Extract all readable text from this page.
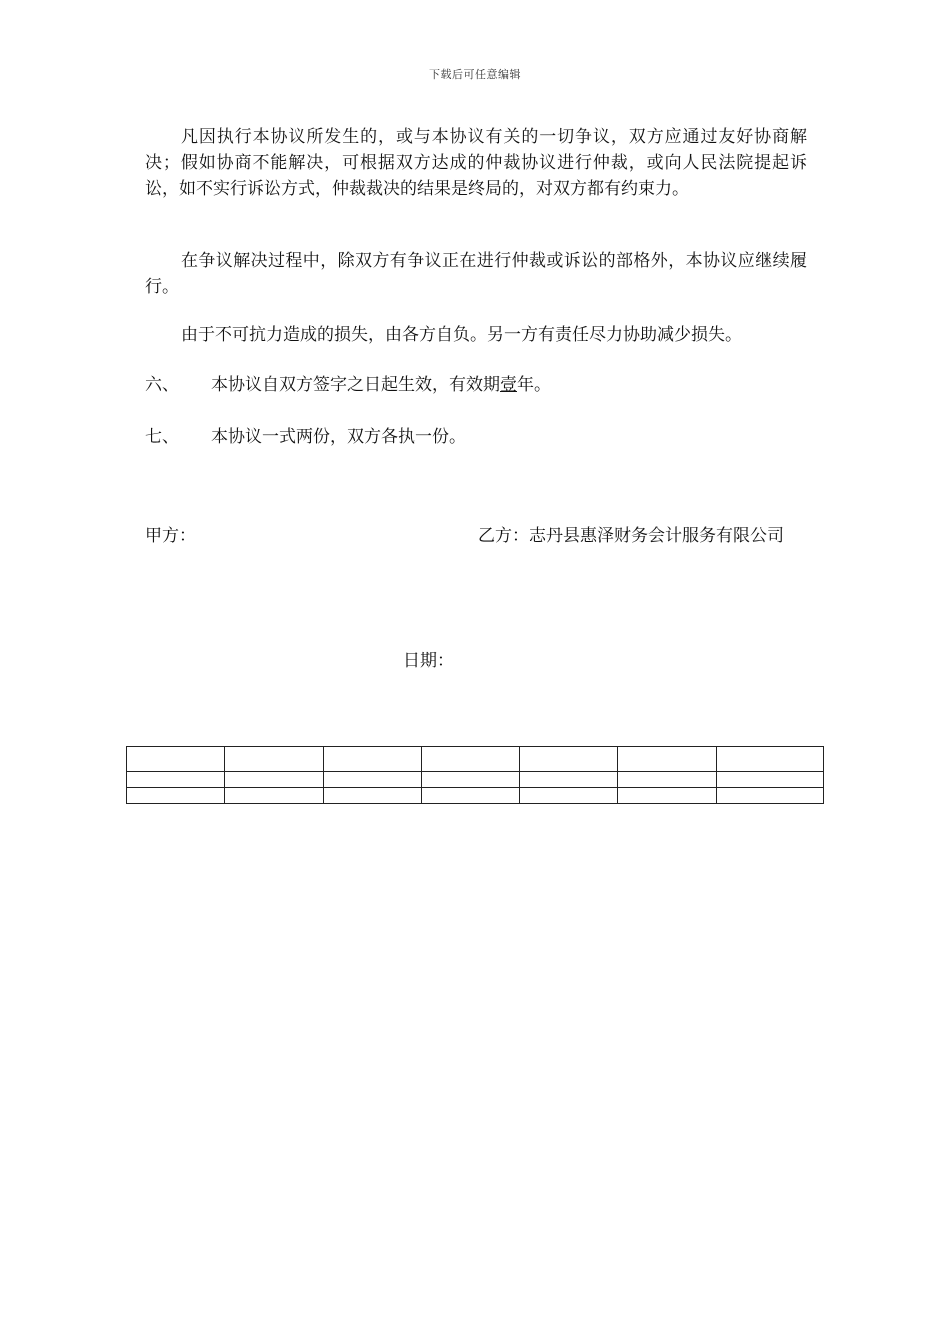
下载后可任意编辑

凡因执行本协议所发生的，或与本协议有关的一切争议，双方应通过友好协商解决；假如协商不能解决，可根据双方达成的仲裁协议进行仲裁，或向人民法院提起诉讼，如不实行诉讼方式，仲裁裁决的结果是终局的，对双方都有约束力。

在争议解决过程中，除双方有争议正在进行仲裁或诉讼的部格外，本协议应继续履行。

由于不可抗力造成的损失，由各方自负。另一方有责任尽力协助减少损失。

六、 本协议自双方签字之日起生效，有效期壹年。
七、 本协议一式两份，双方各执一份。
甲方：	乙方：志丹县惠泽财务会计服务有限公司
日期：
